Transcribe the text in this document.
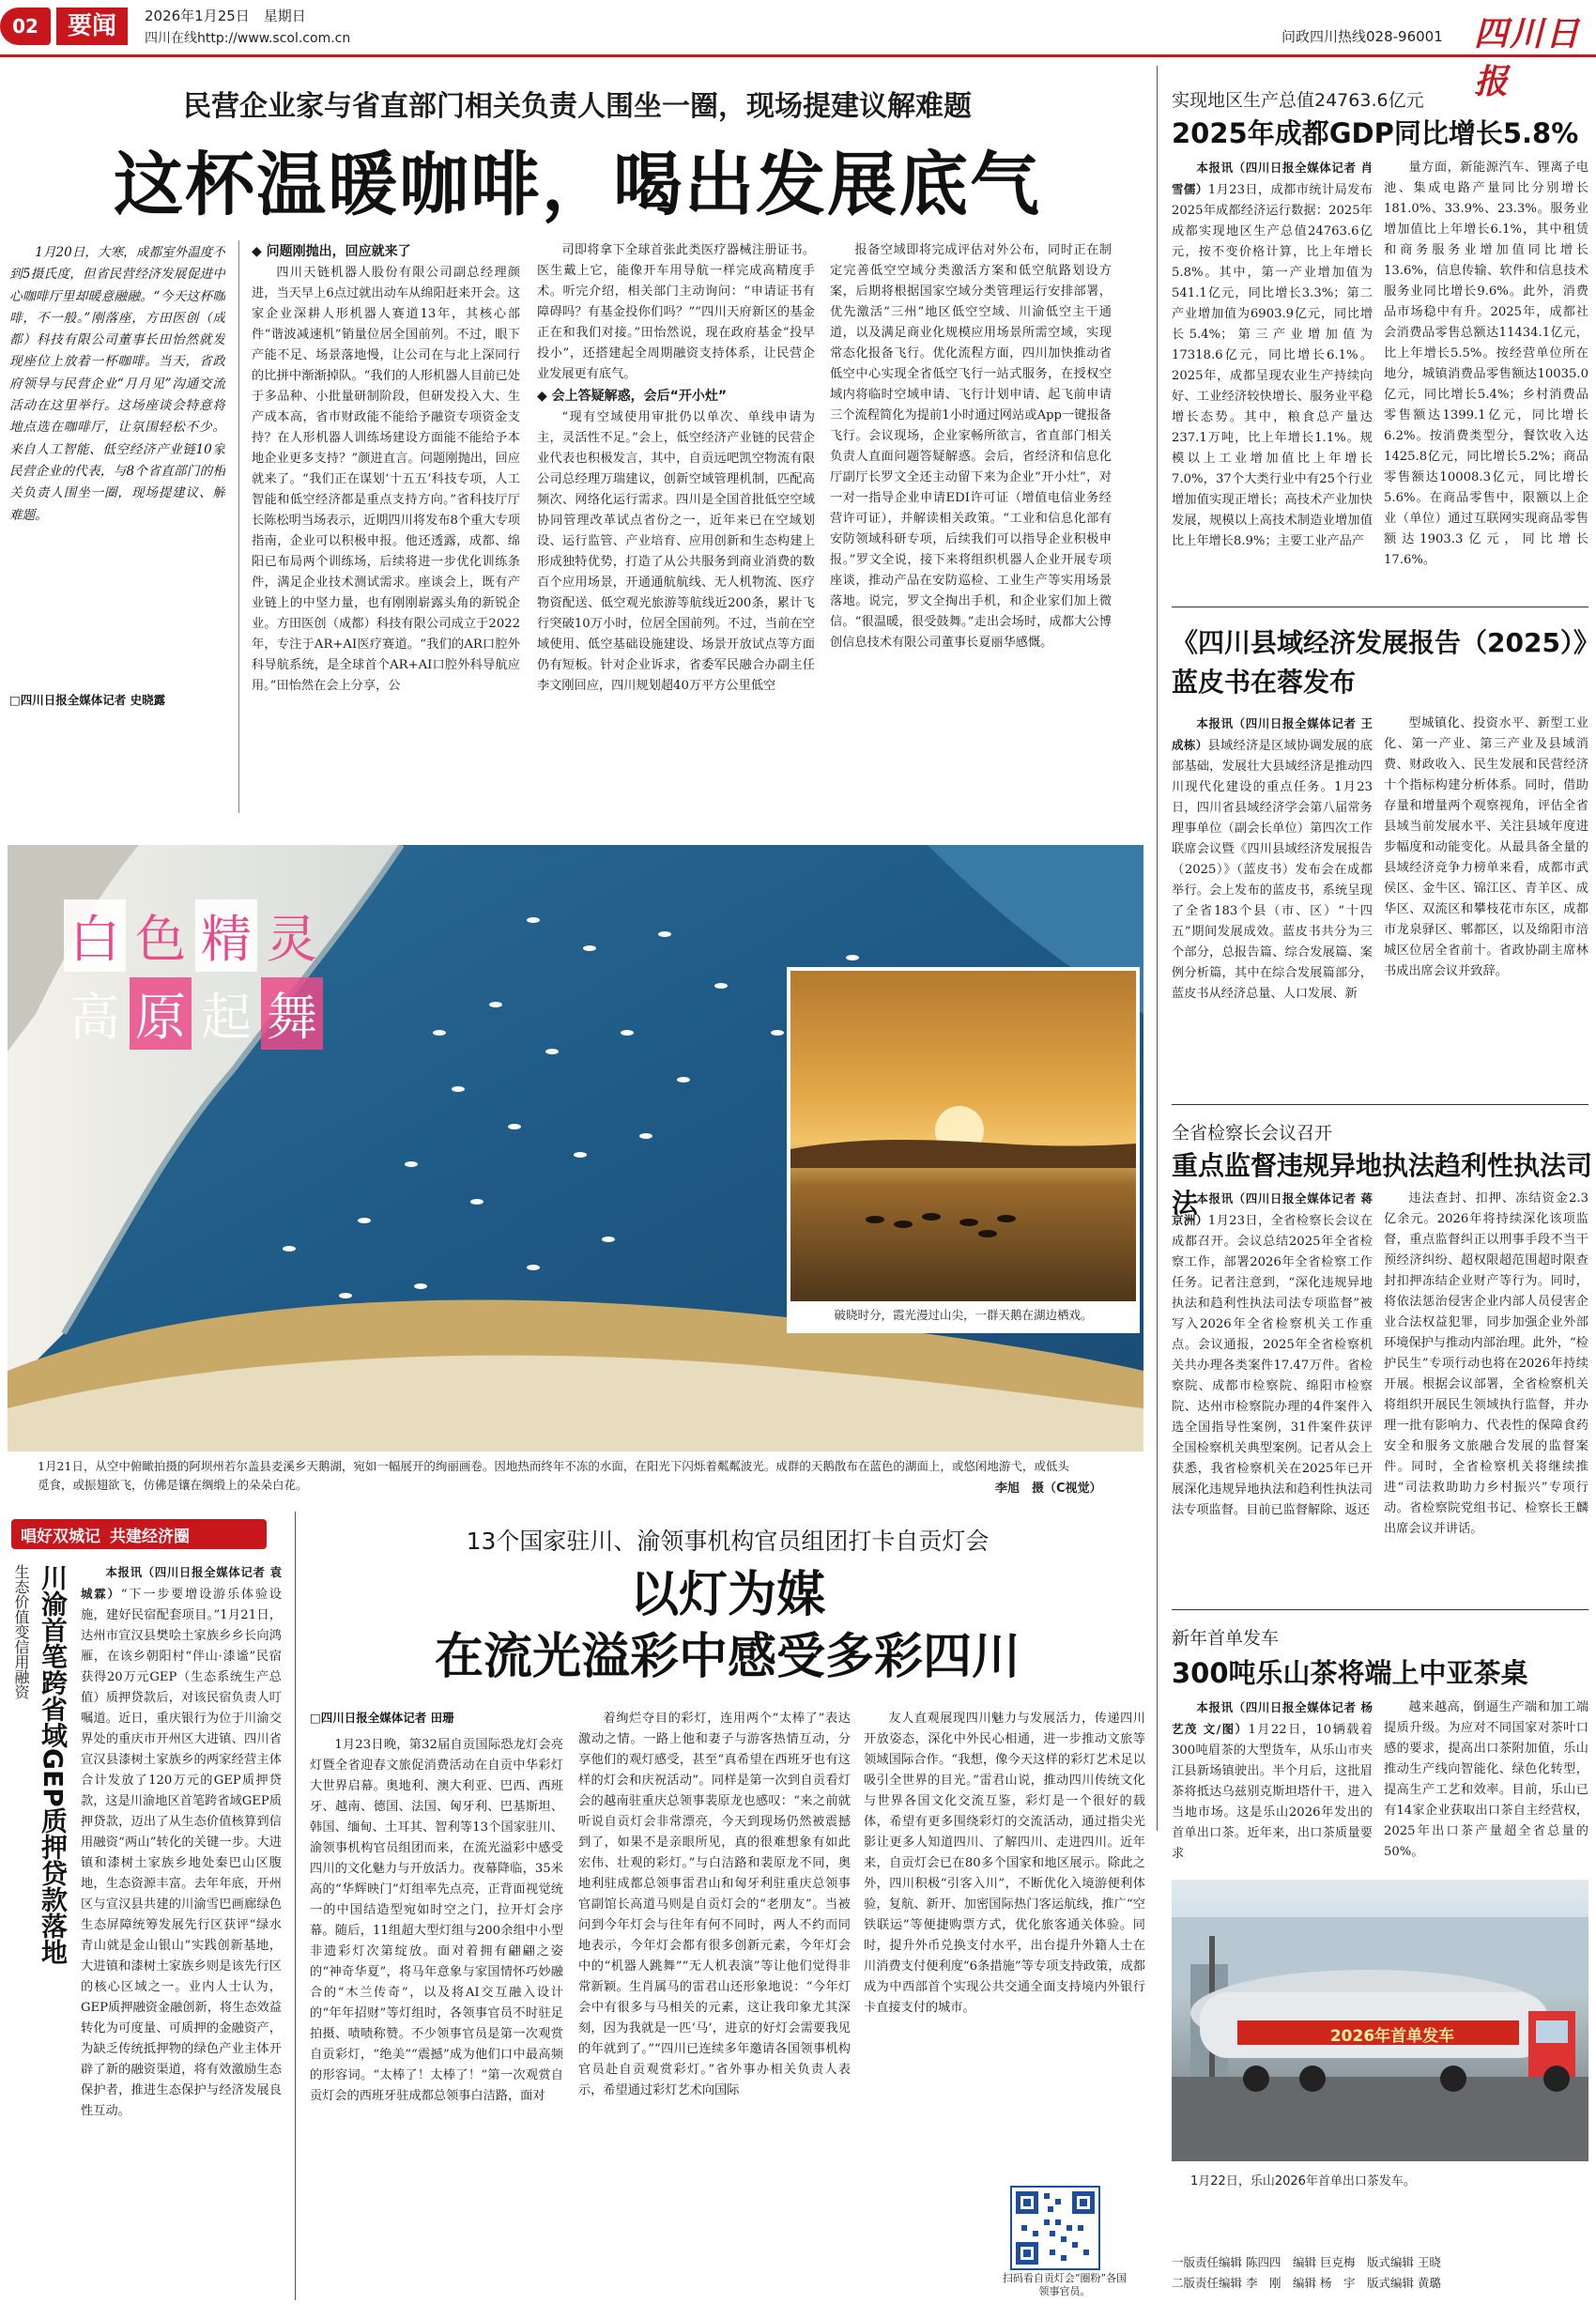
02	要闻	2026年1月25日　星期日
四川在线http://www.scol.com.cn	问政四川热线028-96001 四川日报
民营企业家与省直部门相关负责人围坐一圈，现场提建议解难题
这杯温暖咖啡，喝出发展底气
1月20日，大寒，成都室外温度不到5摄氏度，但省民营经济发展促进中心咖啡厅里却暖意融融。“今天这杯咖啡，不一般。”刚落座，方田医创（成都）科技有限公司董事长田怡然就发现座位上放着一杯咖啡。当天，省政府领导与民营企业“月月见”沟通交流活动在这里举行。这场座谈会特意将地点选在咖啡厅，让氛围轻松不少。来自人工智能、低空经济产业链10家民营企业的代表，与8个省直部门的相关负责人围坐一圈，现场提建议、解难题。
□四川日报全媒体记者 史晓露
◆ 问题刚抛出，回应就来了

四川天链机器人股份有限公司副总经理颜进，当天早上6点过就出动车从绵阳赶来开会。这家企业深耕人形机器人赛道13年，其核心部件“谐波减速机”销量位居全国前列。不过，眼下产能不足、场景落地慢，让公司在与北上深同行的比拼中渐渐掉队。“我们的人形机器人目前已处于多品种、小批量研制阶段，但研发投入大、生产成本高，省市财政能不能给予融资专项资金支持？在人形机器人训练场建设方面能不能给予本地企业更多支持？”颜进直言。问题刚抛出，回应就来了。“我们正在谋划‘十五五’科技专项，人工智能和低空经济都是重点支持方向。”省科技厅厅长陈松明当场表示，近期四川将发布8个重大专项指南，企业可以积极申报。他还透露，成都、绵阳已布局两个训练场，后续将进一步优化训练条件，满足企业技术测试需求。座谈会上，既有产业链上的中坚力量，也有刚刚崭露头角的新锐企业。方田医创（成都）科技有限公司成立于2022年，专注于AR+AI医疗赛道。“我们的AR口腔外科导航系统，是全球首个AR+AI口腔外科导航应用。”田怡然在会上分享，公

司即将拿下全球首张此类医疗器械注册证书。医生戴上它，能像开车用导航一样完成高精度手术。听完介绍，相关部门主动询问：“申请证书有障碍吗？有基金投你们吗？”“四川天府新区的基金正在和我们对接。”田怡然说，现在政府基金“投早投小”，还搭建起全周期融资支持体系，让民营企业发展更有底气。

◆ 会上答疑解惑，会后“开小灶”

“现有空域使用审批仍以单次、单线申请为主，灵活性不足。”会上，低空经济产业链的民营企业代表也积极发言，其中，自贡远吧凯空物流有限公司总经理万瑞建议，创新空域管理机制，匹配高频次、网络化运行需求。四川是全国首批低空空域协同管理改革试点省份之一，近年来已在空域划设、运行监管、产业培育、应用创新和生态构建上形成独特优势，打造了从公共服务到商业消费的数百个应用场景，开通通航航线、无人机物流、医疗物资配送、低空观光旅游等航线近200条，累计飞行突破10万小时，位居全国前列。不过，当前在空域使用、低空基础设施建设、场景开放试点等方面仍有短板。针对企业诉求，省委军民融合办副主任李文刚回应，四川规划超40万平方公里低空

报备空域即将完成评估对外公布，同时正在制定完善低空空域分类激活方案和低空航路划设方案，后期将根据国家空域分类管理运行安排部署，优先激活“三州”地区低空空域、川渝低空主干通道，以及满足商业化规模应用场景所需空域，实现常态化报备飞行。优化流程方面，四川加快推动省低空中心实现全省低空飞行一站式服务，在授权空域内将临时空域申请、飞行计划申请、起飞前申请三个流程简化为提前1小时通过网站或App一键报备飞行。会议现场，企业家畅所欲言，省直部门相关负责人直面问题答疑解惑。会后，省经济和信息化厅副厅长罗文全还主动留下来为企业“开小灶”，对一对一指导企业申请EDI许可证（增值电信业务经营许可证），并解读相关政策。“工业和信息化部有安防领域科研专项，后续我们可以指导企业积极申报。”罗文全说，接下来将组织机器人企业开展专项座谈，推动产品在安防巡检、工业生产等实用场景落地。说完，罗文全掏出手机，和企业家们加上微信。“很温暖，很受鼓舞。”走出会场时，成都大公博创信息技术有限公司董事长夏丽华感慨。

实现地区生产总值24763.6亿元
2025年成都GDP同比增长5.8%

本报讯（四川日报全媒体记者 肖雪儒）1月23日，成都市统计局发布2025年成都经济运行数据：2025年成都实现地区生产总值24763.6亿元，按不变价格计算，比上年增长5.8%。其中，第一产业增加值为541.1亿元，同比增长3.3%；第二产业增加值为6903.9亿元，同比增长5.4%；第三产业增加值为17318.6亿元，同比增长6.1%。2025年，成都呈现农业生产持续向好、工业经济较快增长、服务业平稳增长态势。其中，粮食总产量达237.1万吨，比上年增长1.1%。规模以上工业增加值比上年增长7.0%，37个大类行业中有25个行业增加值实现正增长；高技术产业加快发展，规模以上高技术制造业增加值比上年增长8.9%；主要工业产品产

量方面，新能源汽车、锂离子电池、集成电路产量同比分别增长181.0%、33.9%、23.3%。服务业增加值比上年增长6.1%，其中租赁和商务服务业增加值同比增长13.6%，信息传输、软件和信息技术服务业同比增长9.6%。此外，消费品市场稳中有升。2025年，成都社会消费品零售总额达11434.1亿元，比上年增长5.5%。按经营单位所在地分，城镇消费品零售额达10035.0亿元，同比增长5.4%；乡村消费品零售额达1399.1亿元，同比增长6.2%。按消费类型分，餐饮收入达1425.8亿元，同比增长5.2%；商品零售额达10008.3亿元，同比增长5.6%。在商品零售中，限额以上企业（单位）通过互联网实现商品零售额达1903.3亿元，同比增长17.6%。

《四川县域经济发展报告（2025）》蓝皮书在蓉发布

本报讯（四川日报全媒体记者 王成栋）县域经济是区域协调发展的底部基础，发展壮大县域经济是推动四川现代化建设的重点任务。1月23日，四川省县域经济学会第八届常务理事单位（副会长单位）第四次工作联席会议暨《四川县域经济发展报告（2025）》（蓝皮书）发布会在成都举行。会上发布的蓝皮书，系统呈现了全省183个县（市、区）“十四五”期间发展成效。蓝皮书共分为三个部分，总报告篇、综合发展篇、案例分析篇，其中在综合发展篇部分，蓝皮书从经济总量、人口发展、新

型城镇化、投资水平、新型工业化、第一产业、第三产业及县域消费、财政收入、民生发展和民营经济十个指标构建分析体系。同时，借助存量和增量两个观察视角，评估全省县域当前发展水平、关注县域年度进步幅度和动能变化。从最具备全量的县域经济竞争力榜单来看，成都市武侯区、金牛区、锦江区、青羊区、成华区、双流区和攀枝花市东区，成都市龙泉驿区、郫都区，以及绵阳市涪城区位居全省前十。省政协副主席林书成出席会议并致辞。

全省检察长会议召开
重点监督违规异地执法趋利性执法司法

本报讯（四川日报全媒体记者 蒋京洲）1月23日，全省检察长会议在成都召开。会议总结2025年全省检察工作，部署2026年全省检察工作任务。记者注意到，“深化违规异地执法和趋利性执法司法专项监督”被写入2026年全省检察机关工作重点。会议通报，2025年全省检察机关共办理各类案件17.47万件。省检察院、成都市检察院、绵阳市检察院、达州市检察院办理的4件案件入选全国指导性案例，31件案件获评全国检察机关典型案例。记者从会上获悉，我省检察机关在2025年已开展深化违规异地执法和趋利性执法司法专项监督。目前已监督解除、返还

违法查封、扣押、冻结资金2.3亿余元。2026年将持续深化该项监督，重点监督纠正以刑事手段不当干预经济纠纷、超权限超范围超时限查封扣押冻结企业财产等行为。同时，将依法惩治侵害企业内部人员侵害企业合法权益犯罪，同步加强企业外部环境保护与推动内部治理。此外，“检护民生”专项行动也将在2026年持续开展。根据会议部署，全省检察机关将组织开展民生领域执行监督，并办理一批有影响力、代表性的保障食药安全和服务文旅融合发展的监督案件。同时，全省检察机关将继续推进“司法救助助力乡村振兴”专项行动。省检察院党组书记、检察长王麟出席会议并讲话。

新年首单发车
300吨乐山茶将端上中亚茶桌

本报讯（四川日报全媒体记者 杨艺茂 文/图）1月22日，10辆载着300吨眉茶的大型货车，从乐山市夹江县新场镇驶出。半个月后，这批眉茶将抵达乌兹别克斯坦塔什干，进入当地市场。这是乐山2026年发出的首单出口茶。近年来，出口茶质量要求

越来越高，倒逼生产端和加工端提质升级。为应对不同国家对茶叶口感的要求，提高出口茶附加值，乐山推动生产线向智能化、绿色化转型，提高生产工艺和效率。目前，乐山已有14家企业获取出口茶自主经营权，2025年出口茶产量超全省总量的50%。

2026年首单发车
1月22日，乐山2026年首单出口茶发车。
白 色 精 灵
高 原 起 舞
破晓时分，霞光漫过山尖，一群天鹅在湖边栖戏。
1月21日，从空中俯瞰拍摄的阿坝州若尔盖县麦溪乡天鹅湖，宛如一幅展开的绚丽画卷。因地热而终年不冻的水面，在阳光下闪烁着粼粼波光。成群的天鹅散布在蓝色的湖面上，或悠闲地游弋，或低头觅食，或振翅欲飞，仿佛是镶在绸缎上的朵朵白花。	李旭　摄（C视觉）
唱好双城记 共建经济圈
生态价值变信用融资 川渝首笔跨省域GEP质押贷款落地	本报讯（四川日报全媒体记者 袁城霖）“下一步要增设游乐体验设施，建好民宿配套项目。”1月21日，达州市宣汉县樊哙土家族乡乡长向鸿雁，在该乡朝阳村“伴山·漆谧”民宿获得20万元GEP（生态系统生产总值）质押贷款后，对该民宿负责人叮嘱道。近日，重庆银行为位于川渝交界处的重庆市开州区大进镇、四川省宣汉县漆树土家族乡的两家经营主体合计发放了120万元的GEP质押贷款，这是川渝地区首笔跨省域GEP质押贷款，迈出了从生态价值核算到信用融资“两山”转化的关键一步。大进镇和漆树土家族乡地处秦巴山区腹地，生态资源丰富。去年年底，开州区与宣汉县共建的川渝雪巴画廊绿色生态屏障统筹发展先行区获评“绿水青山就是金山银山”实践创新基地，大进镇和漆树土家族乡则是该先行区的核心区域之一。业内人士认为，GEP质押融资金融创新，将生态效益转化为可度量、可质押的金融资产，为缺乏传统抵押物的绿色产业主体开辟了新的融资渠道，将有效激励生态保护者，推进生态保护与经济发展良性互动。

13个国家驻川、渝领事机构官员组团打卡自贡灯会
以灯为媒
在流光溢彩中感受多彩四川
□四川日报全媒体记者 田珊

1月23日晚，第32届自贡国际恐龙灯会亮灯暨全省迎春文旅促消费活动在自贡中华彩灯大世界启幕。奥地利、澳大利亚、巴西、西班牙、越南、德国、法国、匈牙利、巴基斯坦、韩国、缅甸、土耳其、智利等13个国家驻川、渝领事机构官员组团而来，在流光溢彩中感受四川的文化魅力与开放活力。夜幕降临，35米高的“华辉映门”灯组率先点亮，正背面视觉统一的中国结造型宛如时空之门，拉开灯会序幕。随后，11组超大型灯组与200余组中小型非遗彩灯次第绽放。面对着拥有翩翩之姿的“神奇华夏”，将马年意象与家国情怀巧妙融合的“木兰传奇”，以及将AI交互融入设计的“年年招财”等灯组时，各领事官员不时驻足拍摄、啧啧称赞。不少领事官员是第一次观赏自贡彩灯，“绝美”“震撼”成为他们口中最高频的形容词。“太棒了！太棒了！”第一次观赏自贡灯会的西班牙驻成都总领事白洁路，面对

着绚烂夺目的彩灯，连用两个“太棒了”表达激动之情。一路上他和妻子与游客热情互动，分享他们的观灯感受，甚至“真希望在西班牙也有这样的灯会和庆祝活动”。同样是第一次到自贡看灯会的越南驻重庆总领事裴原龙也感叹：“来之前就听说自贡灯会非常漂亮，今天到现场仍然被震撼到了，如果不是亲眼所见，真的很难想象有如此宏伟、壮观的彩灯。”与白洁路和裴原龙不同，奥地利驻成都总领事雷君山和匈牙利驻重庆总领事官副馆长高道马则是自贡灯会的“老朋友”。当被问到今年灯会与往年有何不同时，两人不约而同地表示，今年灯会都有很多创新元素，今年灯会中的“机器人跳舞”“无人机表演”等让他们觉得非常新颖。生肖属马的雷君山还形象地说：“今年灯会中有很多与马相关的元素，这让我印象尤其深刻，因为我就是一匹‘马’，进京的好灯会需要我见的年就到了。”“四川已连续多年邀请各国领事机构官员赴自贡观赏彩灯。”省外事办相关负责人表示，希望通过彩灯艺术向国际

友人直观展现四川魅力与发展活力，传递四川开放姿态，深化中外民心相通，进一步推动文旅等领域国际合作。“我想，像今天这样的彩灯艺术足以吸引全世界的目光。”雷君山说，推动四川传统文化与世界各国文化交流互鉴，彩灯是一个很好的载体，希望有更多围绕彩灯的交流活动，通过指尖光影让更多人知道四川、了解四川、走进四川。近年来，自贡灯会已在80多个国家和地区展示。除此之外，四川积极“引客入川”，不断优化入境游便利体验，复航、新开、加密国际热门客运航线，推广“空铁联运”等便捷购票方式，优化旅客通关体验。同时，提升外币兑换支付水平，出台提升外籍人士在川消费支付便利度“6条措施”等专项支持政策，成都成为中西部首个实现公共交通全面支持境内外银行卡直接支付的城市。

扫码看自贡灯会“圈粉”各国领事官员。
一版责任编辑 陈四四　编辑 巨克梅　版式编辑 王晓
二版责任编辑 李　刚　编辑 杨　宇　版式编辑 黄璐
